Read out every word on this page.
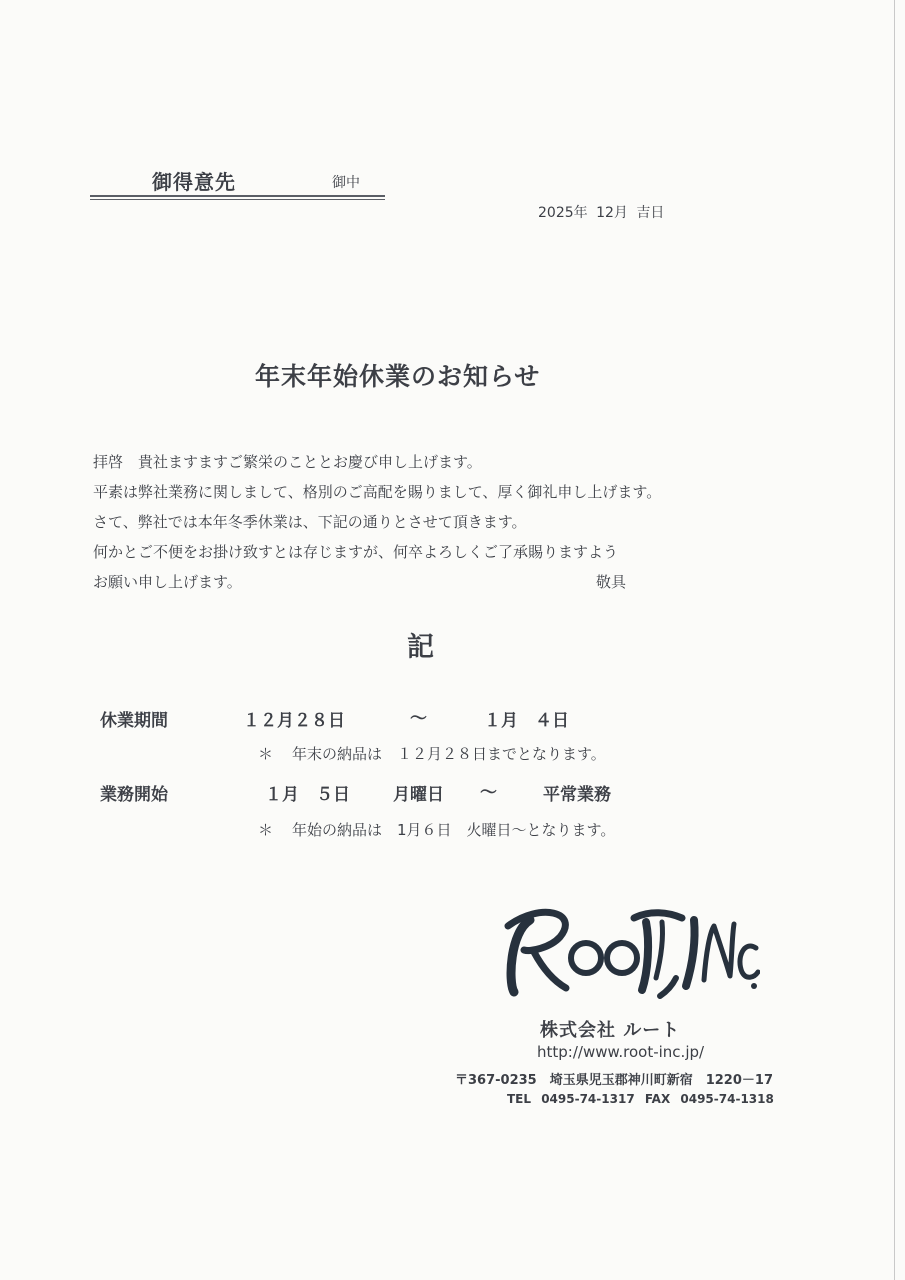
御得意先	御中
2025年 12月 吉日
年末年始休業のお知らせ
拝啓　貴社ますますご繁栄のこととお慶び申し上げます。
平素は弊社業務に関しまして、格別のご高配を賜りまして、厚く御礼申し上げます。
さて、弊社では本年冬季休業は、下記の通りとさせて頂きます。
何かとご不便をお掛け致すとは存じますが、何卒よろしくご了承賜りますよう
お願い申し上げます。	敬具
記
休業期間	１２月２８日	～	１月　４日
＊ 年末の納品は　１２月２８日までとなります。
業務開始	１月　５日	月曜日 ～	平常業務
＊ 年始の納品は　1月６日　火曜日～となります。
株式会社 ルート
http://www.root-inc.jp/
〒367-0235　埼玉県児玉郡神川町新宿　1220－17
TEL 0495-74-1317 FAX 0495-74-1318
